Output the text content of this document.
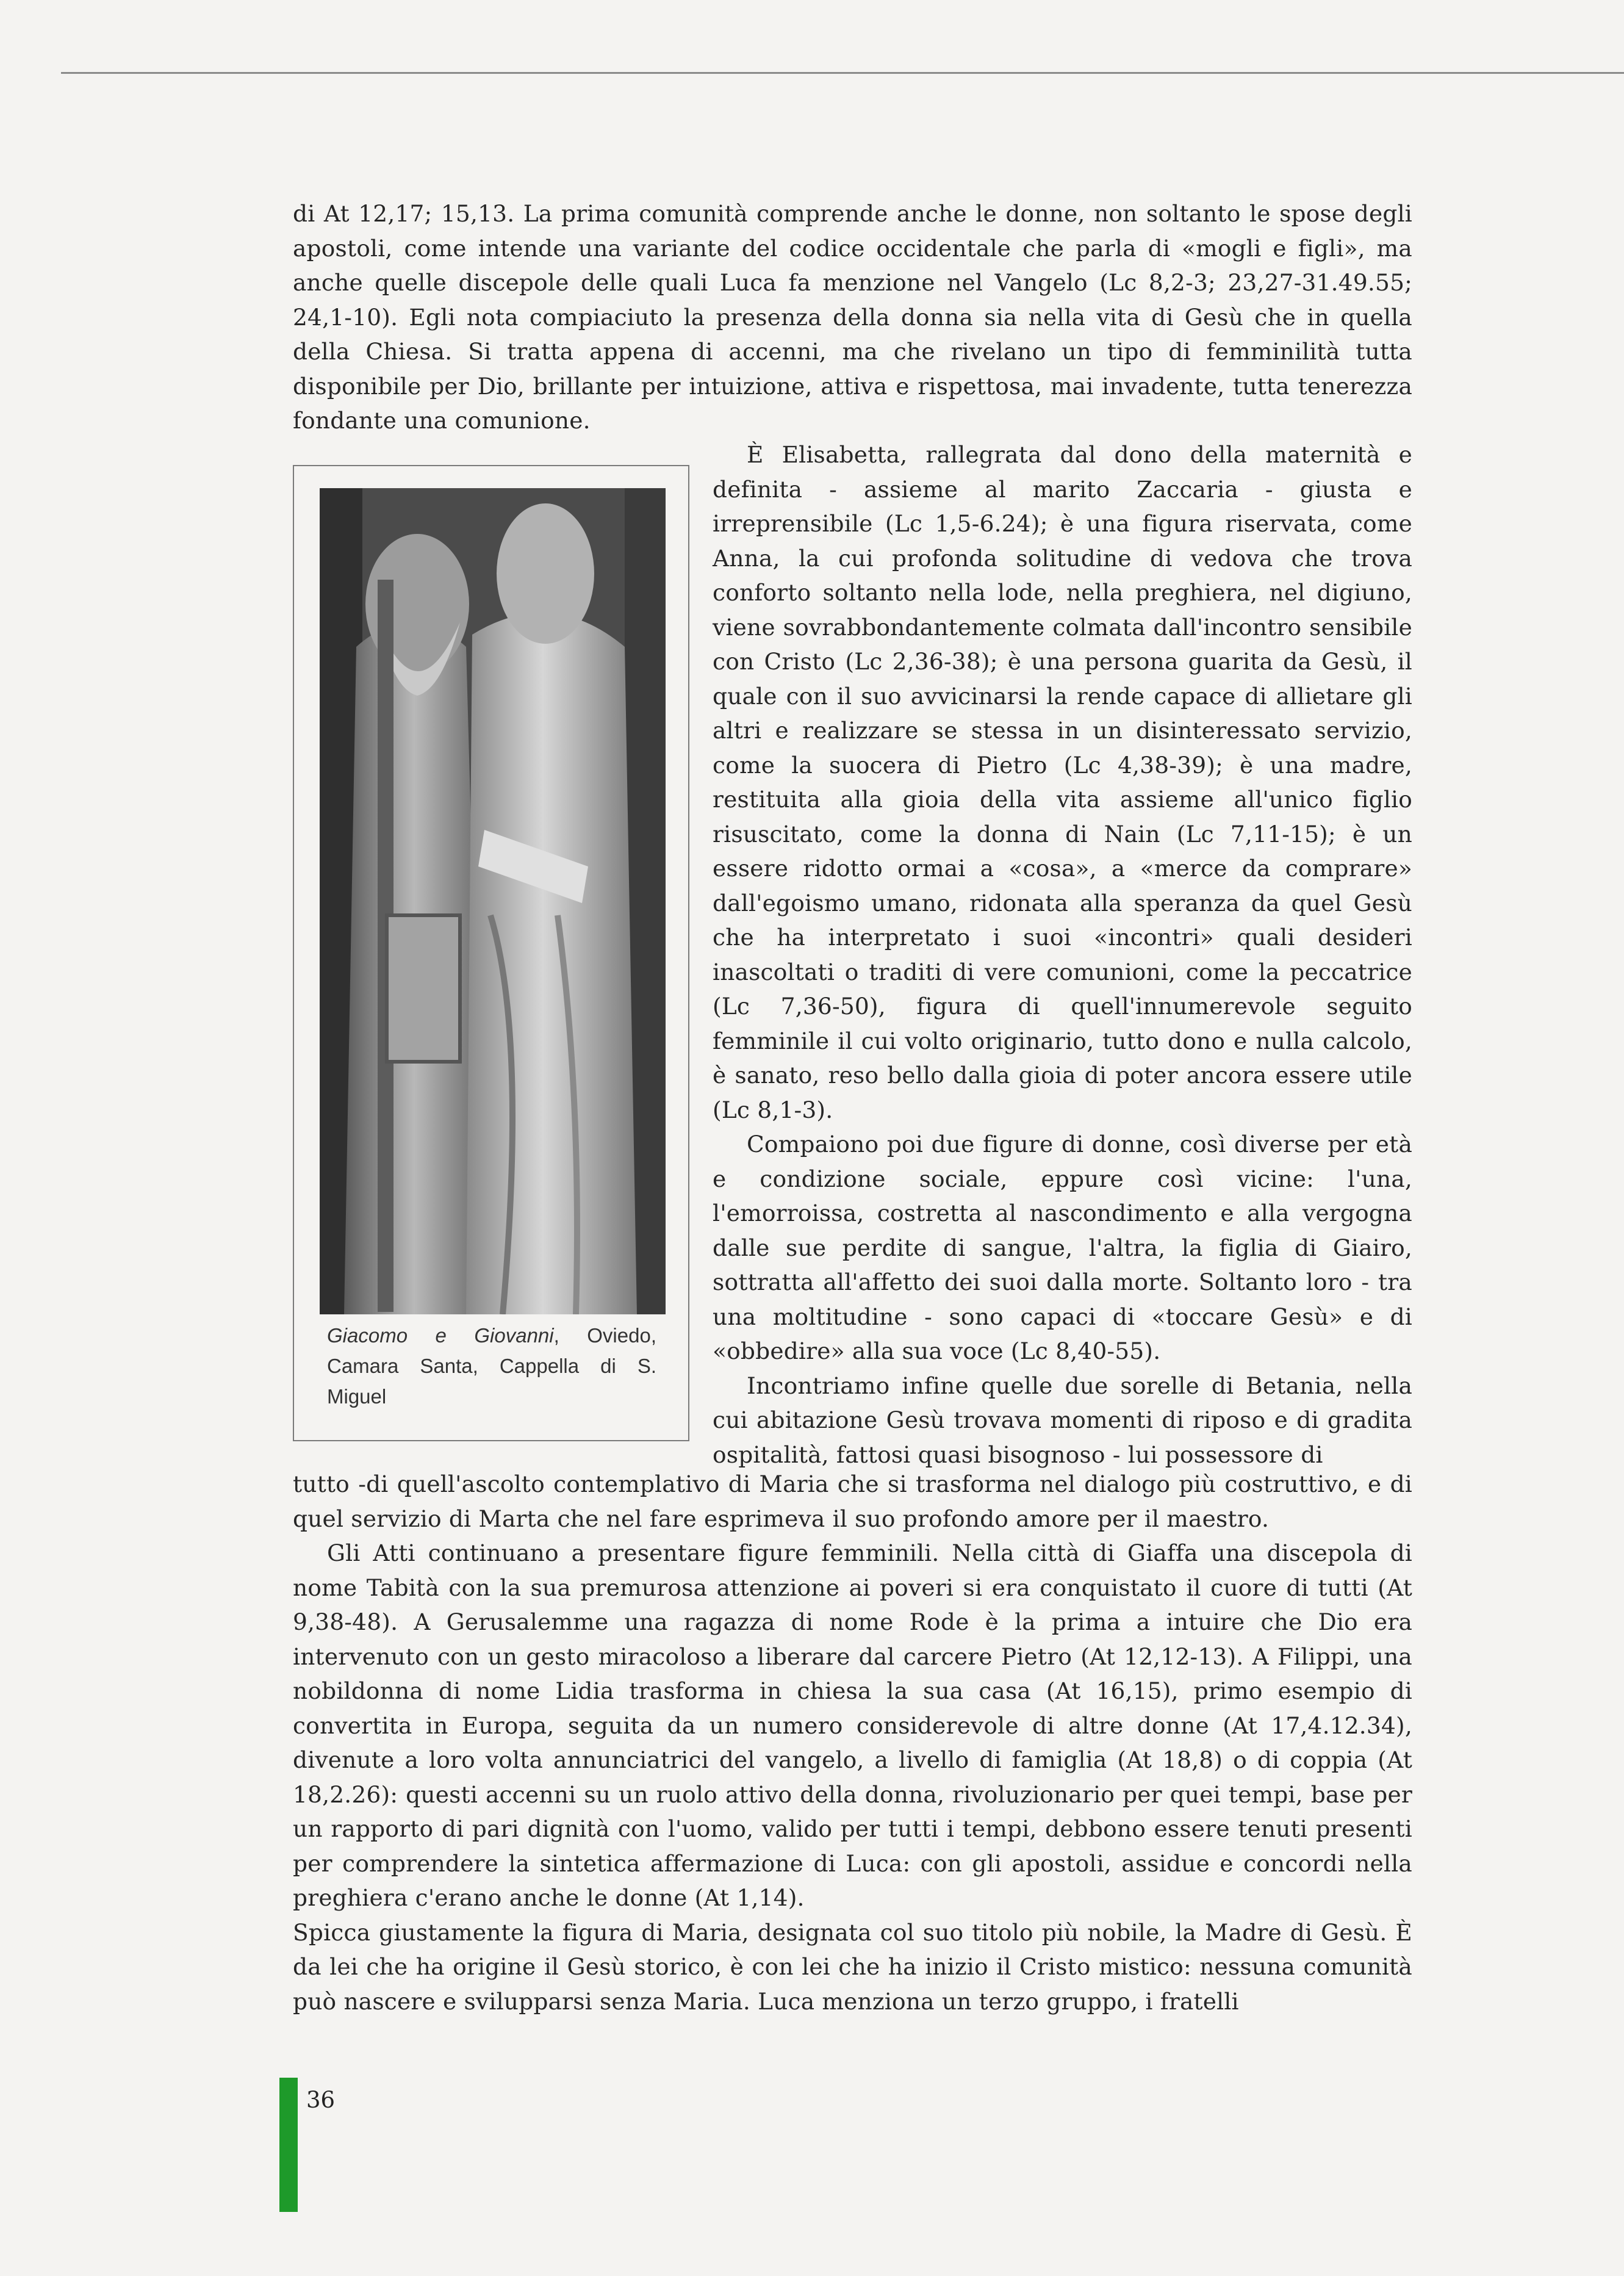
di At 12,17; 15,13. La prima comunità comprende anche le donne, non soltanto le spose degli apostoli, come intende una variante del codice occidentale che parla di «mogli e figli», ma anche quelle discepole delle quali Luca fa menzione nel Vangelo (Lc 8,2-3; 23,27-31.49.55; 24,1-10). Egli nota compiaciuto la presenza della donna sia nella vita di Gesù che in quella della Chiesa. Si tratta appena di accenni, ma che rivelano un tipo di femminilità tutta disponibile per Dio, brillante per intuizione, attiva e rispettosa, mai invadente, tutta tenerezza fondante una comunione.

Giacomo e Giovanni, Oviedo, Camara Santa, Cappella di S. Miguel

È Elisabetta, rallegrata dal dono della maternità e definita - assieme al marito Zaccaria - giusta e irreprensibile (Lc 1,5-6.24); è una figura riservata, come Anna, la cui profonda solitudine di vedova che trova conforto soltanto nella lode, nella preghiera, nel digiuno, viene sovrabbondantemente colmata dall'incontro sensibile con Cristo (Lc 2,36-38); è una persona guarita da Gesù, il quale con il suo avvicinarsi la rende capace di allietare gli altri e realizzare se stessa in un disinteressato servizio, come la suocera di Pietro (Lc 4,38-39); è una madre, restituita alla gioia della vita assieme all'unico figlio risuscitato, come la donna di Nain (Lc 7,11-15); è un essere ridotto ormai a «cosa», a «merce da comprare» dall'egoismo umano, ridonata alla speranza da quel Gesù che ha interpretato i suoi «incontri» quali desideri inascoltati o traditi di vere comunioni, come la peccatrice (Lc 7,36-50), figura di quell'innumerevole seguito femminile il cui volto originario, tutto dono e nulla calcolo, è sanato, reso bello dalla gioia di poter ancora essere utile (Lc 8,1-3).

Compaiono poi due figure di donne, così diverse per età e condizione sociale, eppure così vicine: l'una, l'emorroissa, costretta al nascondimento e alla vergogna dalle sue perdite di sangue, l'altra, la figlia di Giairo, sottratta all'affetto dei suoi dalla morte. Soltanto loro - tra una moltitudine - sono capaci di «toccare Gesù» e di «obbedire» alla sua voce (Lc 8,40-55).

Incontriamo infine quelle due sorelle di Betania, nella cui abitazione Gesù trovava momenti di riposo e di gradita ospitalità, fattosi quasi bisognoso - lui possessore di

tutto -di quell'ascolto contemplativo di Maria che si trasforma nel dialogo più costruttivo, e di quel servizio di Marta che nel fare esprimeva il suo profondo amore per il maestro.

Gli Atti continuano a presentare figure femminili. Nella città di Giaffa una discepola di nome Tabità con la sua premurosa attenzione ai poveri si era conquistato il cuore di tutti (At 9,38-48). A Gerusalemme una ragazza di nome Rode è la prima a intuire che Dio era intervenuto con un gesto miracoloso a liberare dal carcere Pietro (At 12,12-13). A Filippi, una nobildonna di nome Lidia trasforma in chiesa la sua casa (At 16,15), primo esempio di convertita in Europa, seguita da un numero considerevole di altre donne (At 17,4.12.34), divenute a loro volta annunciatrici del vangelo, a livello di famiglia (At 18,8) o di coppia (At 18,2.26): questi accenni su un ruolo attivo della donna, rivoluzionario per quei tempi, base per un rapporto di pari dignità con l'uomo, valido per tutti i tempi, debbono essere tenuti presenti per comprendere la sintetica affermazione di Luca: con gli apostoli, assidue e concordi nella preghiera c'erano anche le donne (At 1,14).

Spicca giustamente la figura di Maria, designata col suo titolo più nobile, la Madre di Gesù. È da lei che ha origine il Gesù storico, è con lei che ha inizio il Cristo mistico: nessuna comunità può nascere e svilupparsi senza Maria. Luca menziona un terzo gruppo, i fratelli

36
